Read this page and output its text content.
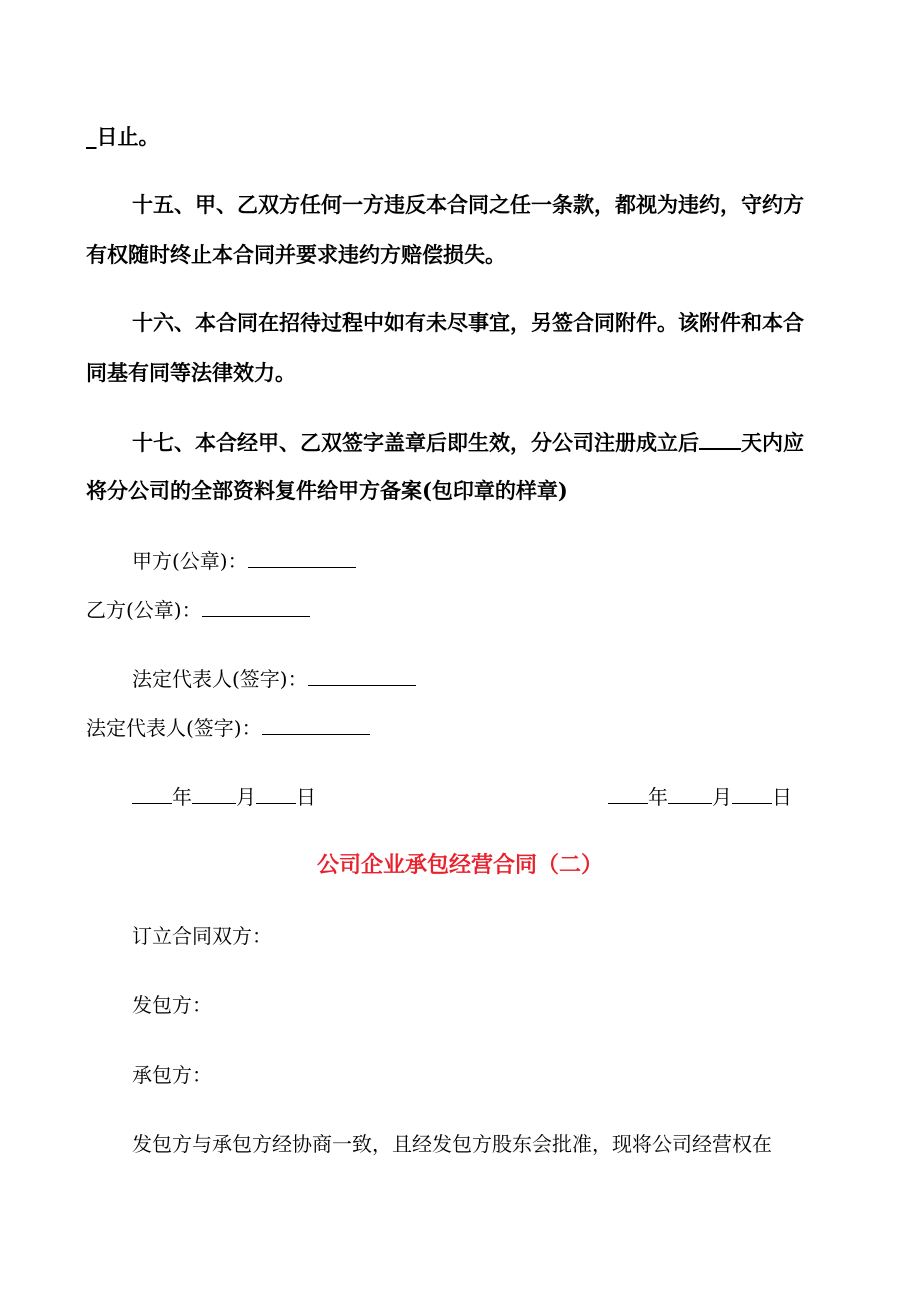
_日止。
十五、甲、乙双方任何一方违反本合同之任一条款，都视为违约，守约方
有权随时终止本合同并要求违约方赔偿损失。
十六、本合同在招待过程中如有未尽事宜，另签合同附件。该附件和本合
同基有同等法律效力。
十七、本合经甲、乙双签字盖章后即生效，分公司注册成立后 天内应
将分公司的全部资料复件给甲方备案(包印章的样章)
甲方(公章)：
乙方(公章)：
法定代表人(签字)：
法定代表人(签字)：
年 月 日	年 月 日
公司企业承包经营合同（二）
订立合同双方：
发包方：
承包方：
发包方与承包方经协商一致，且经发包方股东会批准，现将公司经营权在
